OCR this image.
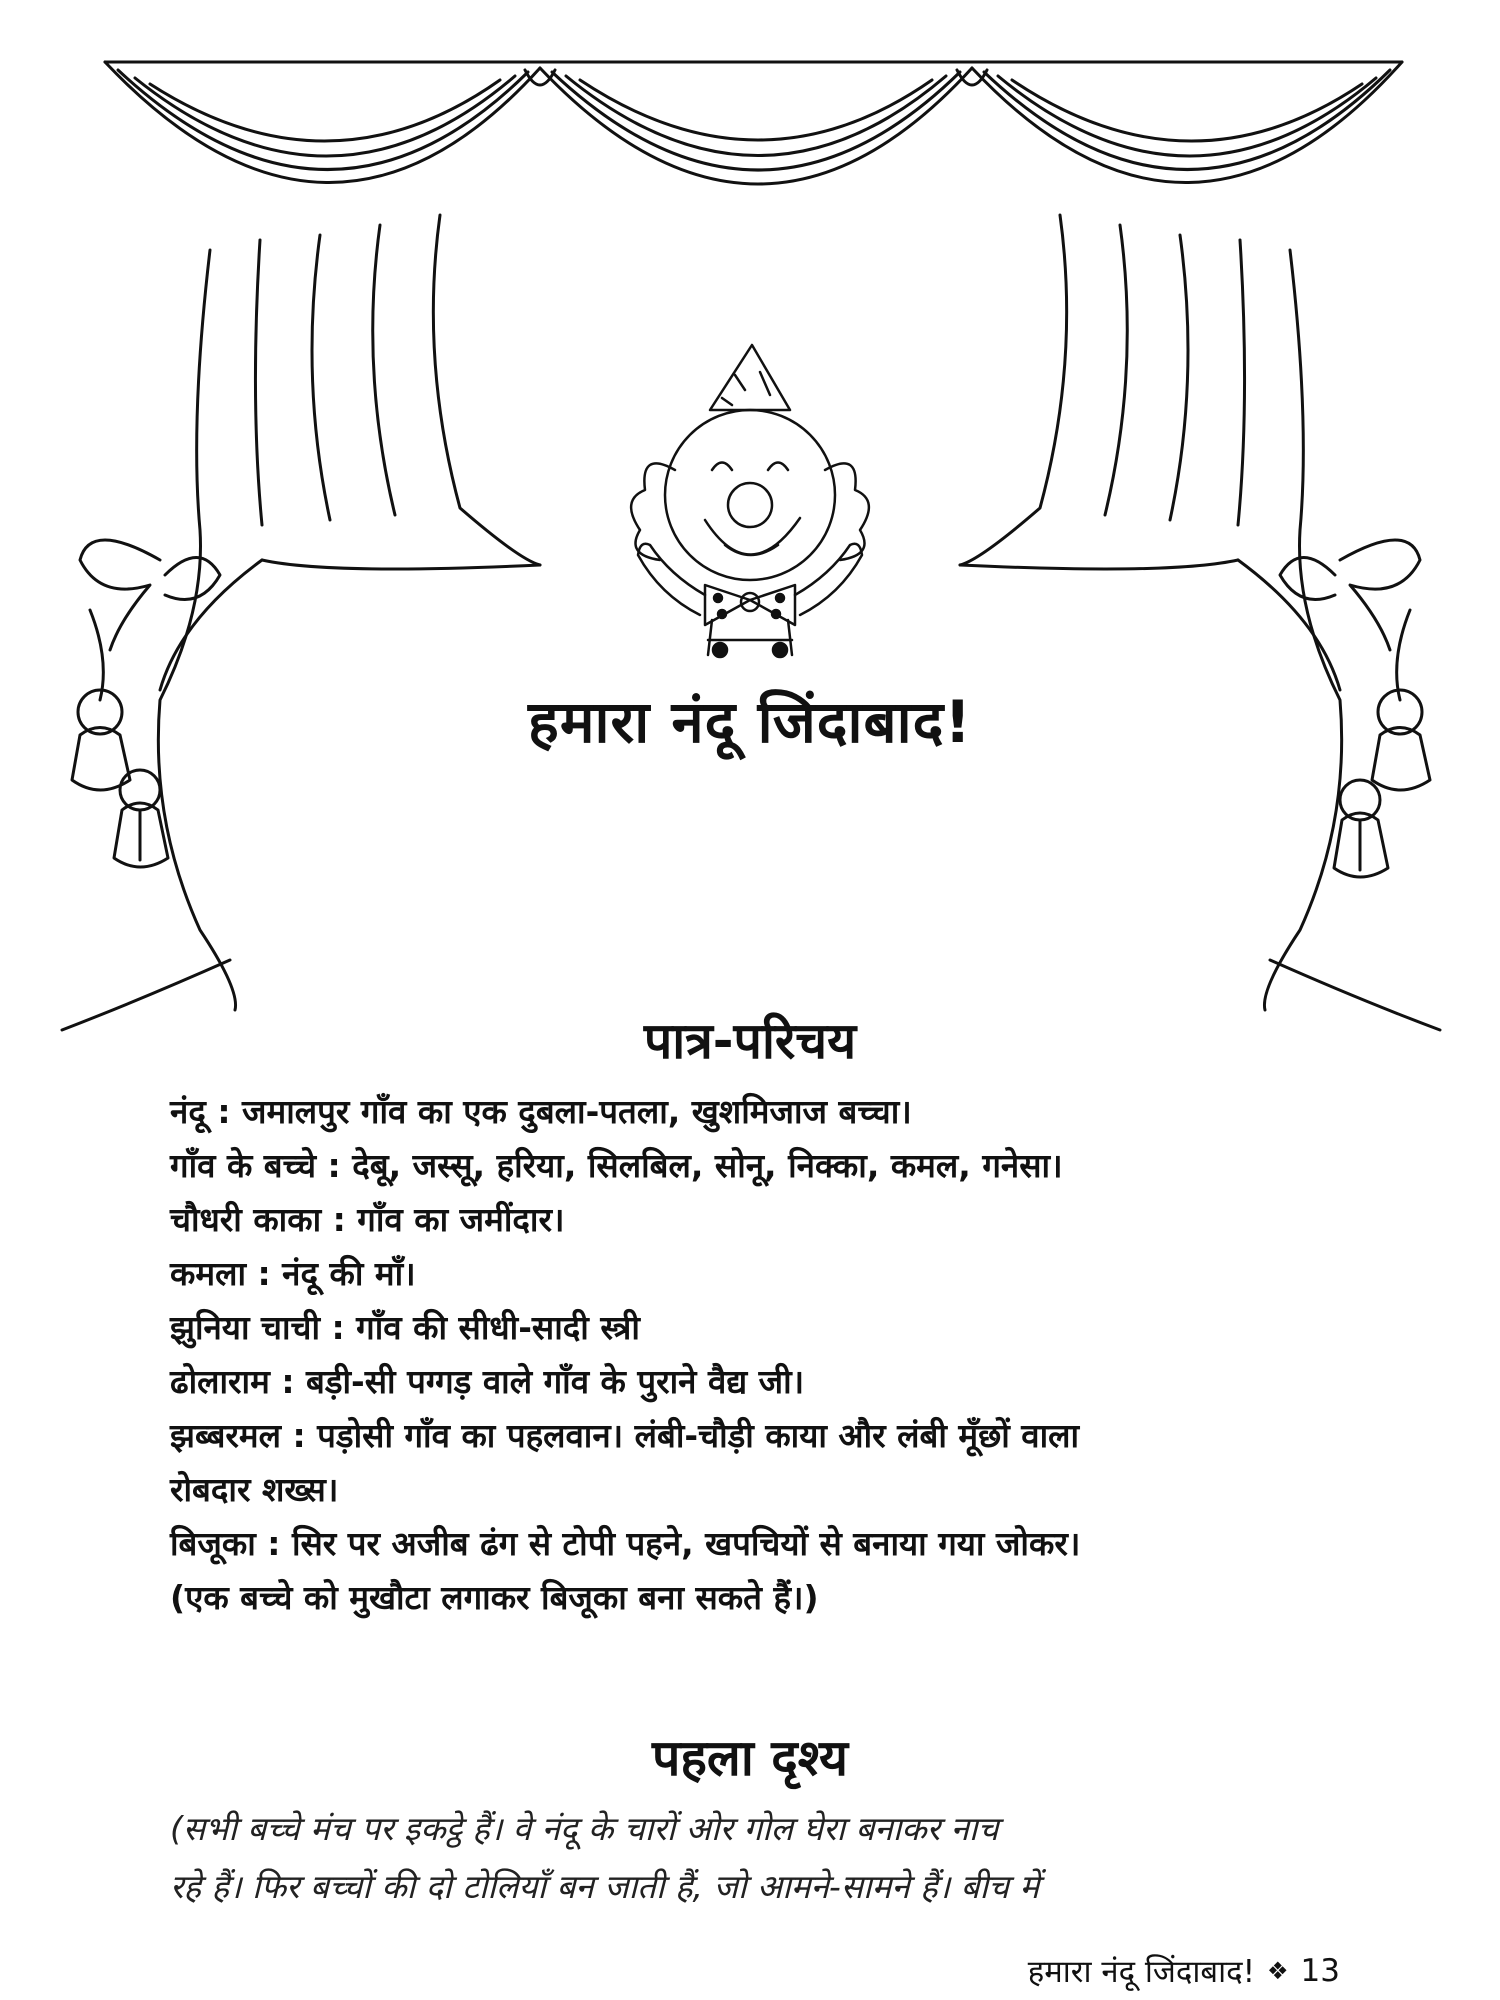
हमारा नंदू जिंदाबाद!
पात्र-परिचय
नंदू : जमालपुर गाँव का एक दुबला-पतला, खुशमिजाज बच्चा।
गाँव के बच्चे : देबू, जस्सू, हरिया, सिलबिल, सोनू, निक्का, कमल, गनेसा।
चौधरी काका : गाँव का जमींदार।
कमला : नंदू की माँ।
झुनिया चाची : गाँव की सीधी-सादी स्त्री
ढोलाराम : बड़ी-सी पग्गड़ वाले गाँव के पुराने वैद्य जी।
झब्बरमल : पड़ोसी गाँव का पहलवान। लंबी-चौड़ी काया और लंबी मूँछों वाला
रोबदार शख्स।
बिजूका : सिर पर अजीब ढंग से टोपी पहने, खपचियों से बनाया गया जोकर।
(एक बच्चे को मुखौटा लगाकर बिजूका बना सकते हैं।)
पहला दृश्य

(सभी बच्चे मंच पर इकट्ठे हैं। वे नंदू के चारों ओर गोल घेरा बनाकर नाच
रहे हैं। फिर बच्चों की दो टोलियाँ बन जाती हैं, जो आमने-सामने हैं। बीच में

हमारा नंदू जिंदाबाद! ❖ 13
